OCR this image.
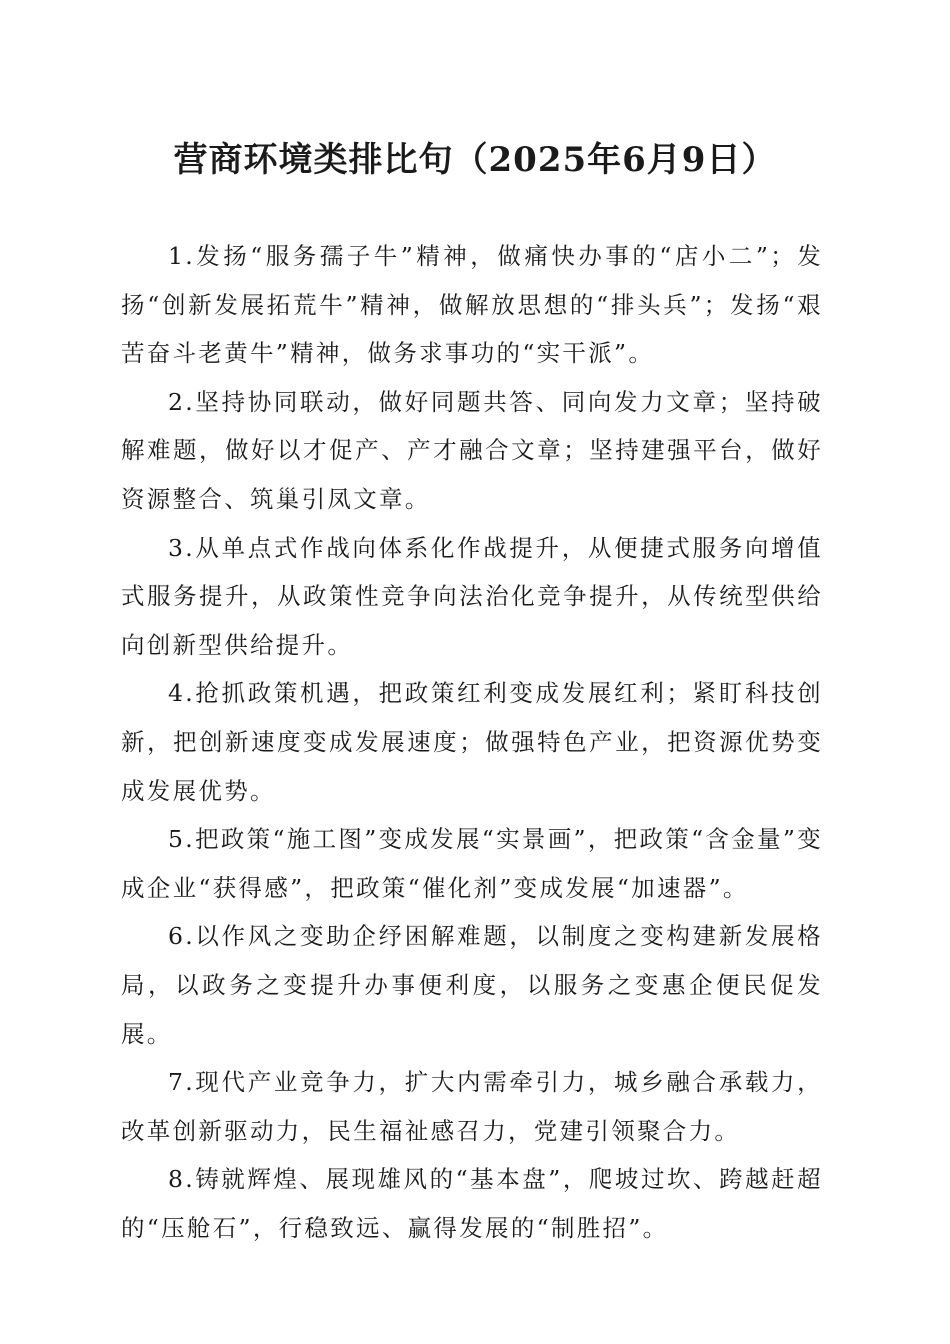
营商环境类排比句（2025年6月9日）

1.发扬“服务孺子牛”精神，做痛快办事的“店小二”；发扬“创新发展拓荒牛”精神，做解放思想的“排头兵”；发扬“艰苦奋斗老黄牛”精神，做务求事功的“实干派”。

2.坚持协同联动，做好同题共答、同向发力文章；坚持破解难题，做好以才促产、产才融合文章；坚持建强平台，做好资源整合、筑巢引凤文章。

3.从单点式作战向体系化作战提升，从便捷式服务向增值式服务提升，从政策性竞争向法治化竞争提升，从传统型供给向创新型供给提升。

4.抢抓政策机遇，把政策红利变成发展红利；紧盯科技创新，把创新速度变成发展速度；做强特色产业，把资源优势变成发展优势。

5.把政策“施工图”变成发展“实景画”，把政策“含金量”变成企业“获得感”，把政策“催化剂”变成发展“加速器”。

6.以作风之变助企纾困解难题，以制度之变构建新发展格局，以政务之变提升办事便利度，以服务之变惠企便民促发展。

7.现代产业竞争力，扩大内需牵引力，城乡融合承载力，改革创新驱动力，民生福祉感召力，党建引领聚合力。

8.铸就辉煌、展现雄风的“基本盘”，爬坡过坎、跨越赶超的“压舱石”，行稳致远、赢得发展的“制胜招”。
